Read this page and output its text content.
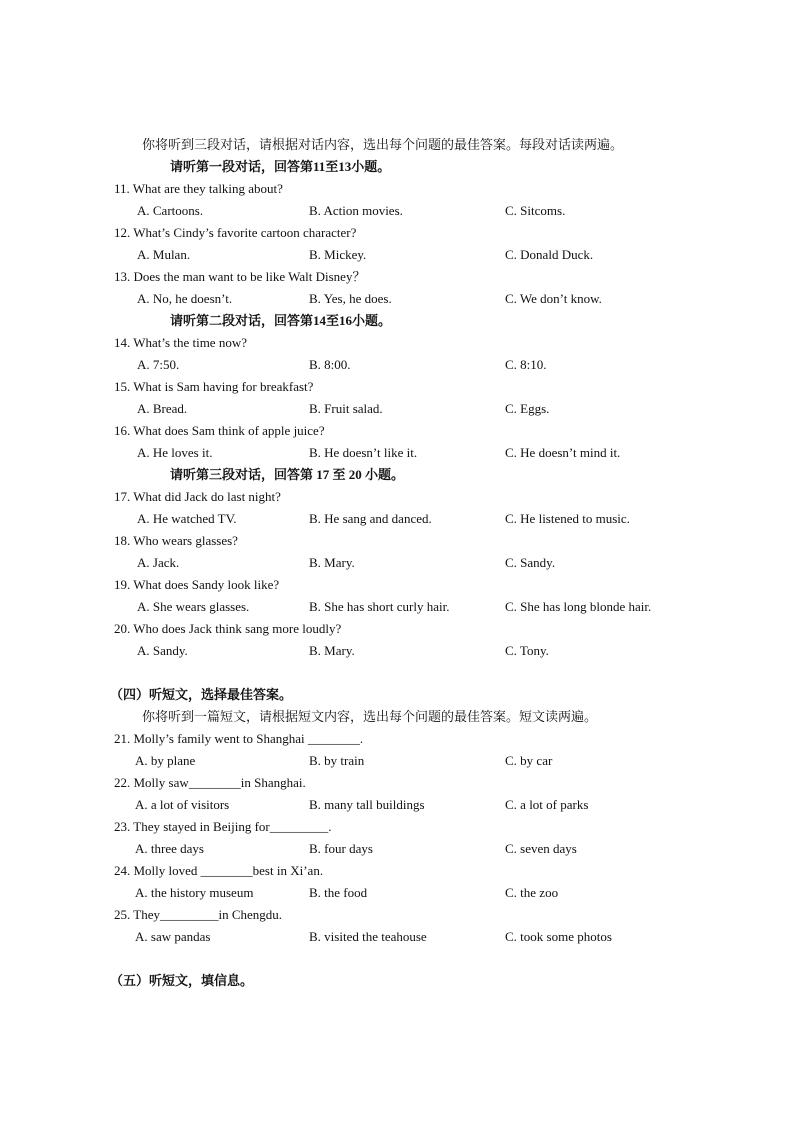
你将听到三段对话，请根据对话内容，选出每个问题的最佳答案。每段对话读两遍。
请听第一段对话，回答第11至13小题。
11. What are they talking about?
A. Cartoons.	B. Action movies.	C. Sitcoms.
12. What’s Cindy’s favorite cartoon character?
A. Mulan.	B. Mickey.	C. Donald Duck.
13. Does the man want to be like Walt Disney？
A. No, he doesn’t.	B. Yes, he does.	C. We don’t know.
请听第二段对话，回答第14至16小题。
14. What’s the time now?
A. 7:50.	B. 8:00.	C. 8:10.
15. What is Sam having for breakfast?
A. Bread.	B. Fruit salad.	C. Eggs.
16. What does Sam think of apple juice?
A. He loves it.	B. He doesn’t like it.	C. He doesn’t mind it.
请听第三段对话，回答第 17 至 20 小题。
17. What did Jack do last night?
A. He watched TV.	B. He sang and danced.	C. He listened to music.
18. Who wears glasses?
A. Jack.	B. Mary.	C. Sandy.
19. What does Sandy look like?
A. She wears glasses.	B. She has short curly hair.	C. She has long blonde hair.
20. Who does Jack think sang more loudly?
A. Sandy.	B. Mary.	C. Tony.
（四）听短文，选择最佳答案。
你将听到一篇短文，请根据短文内容，选出每个问题的最佳答案。短文读两遍。
21. Molly’s family went to Shanghai ________.
A. by plane	B. by train	C. by car
22. Molly saw________in Shanghai.
A. a lot of visitors	B. many tall buildings	C. a lot of parks
23. They stayed in Beijing for_________.
A. three days	B. four days	C. seven days
24. Molly loved ________best in Xi’an.
A. the history museum	B. the food	C. the zoo
25. They_________in Chengdu.
A. saw pandas	B. visited the teahouse	C. took some photos
（五）听短文，填信息。
